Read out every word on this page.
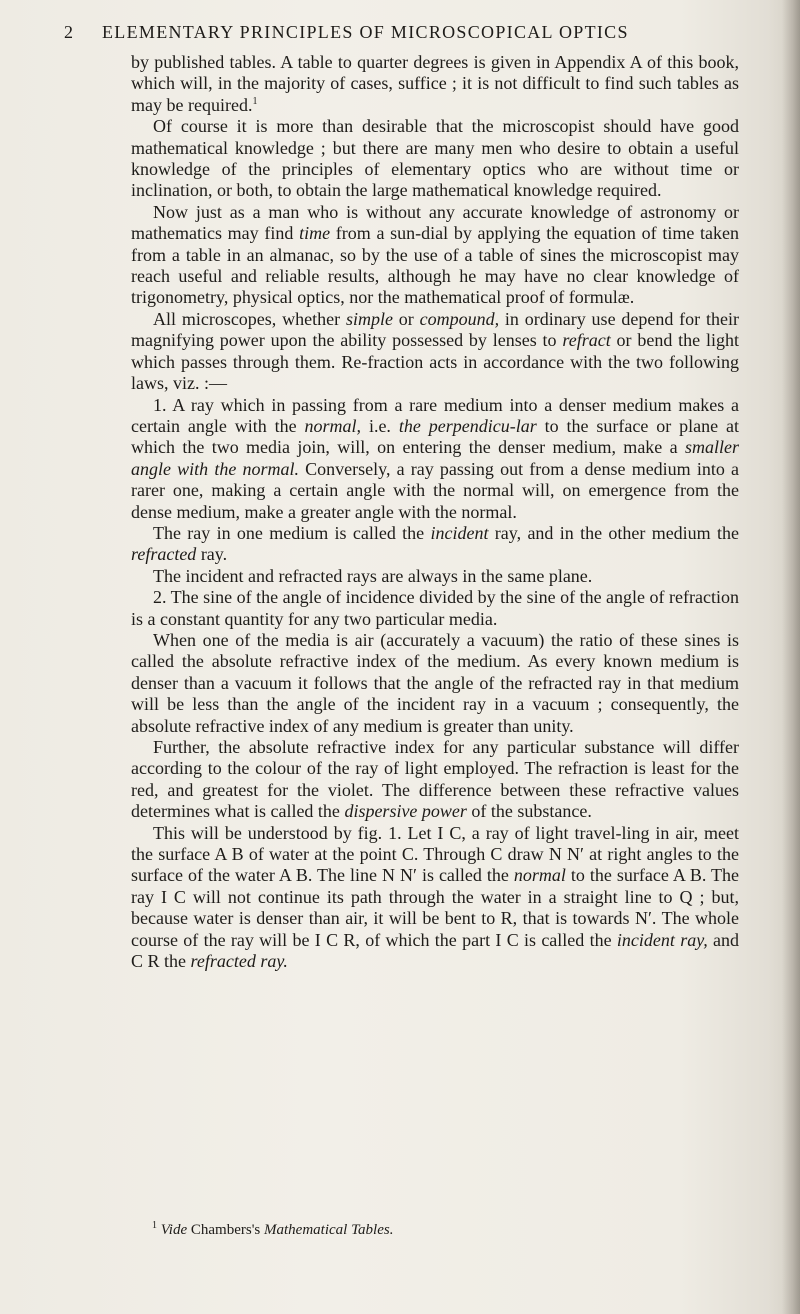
2 ELEMENTARY PRINCIPLES OF MICROSCOPICAL OPTICS

by published tables. A table to quarter degrees is given in Appendix A of this book, which will, in the majority of cases, suffice ; it is not difficult to find such tables as may be required.$^1$

Of course it is more than desirable that the microscopist should have good mathematical knowledge ; but there are many men who desire to obtain a useful knowledge of the principles of elementary optics who are without time or inclination, or both, to obtain the large mathematical knowledge required.

Now just as a man who is without any accurate knowledge of astronomy or mathematics may find time from a sun-dial by applying the equation of time taken from a table in an almanac, so by the use of a table of sines the microscopist may reach useful and reliable results, although he may have no clear knowledge of trigonometry, physical optics, nor the mathematical proof of formulæ.

All microscopes, whether simple or compound, in ordinary use depend for their magnifying power upon the ability possessed by lenses to refract or bend the light which passes through them. Re-fraction acts in accordance with the two following laws, viz. :—

1. A ray which in passing from a rare medium into a denser medium makes a certain angle with the normal, i.e. the perpendicu-lar to the surface or plane at which the two media join, will, on entering the denser medium, make a smaller angle with the normal. Conversely, a ray passing out from a dense medium into a rarer one, making a certain angle with the normal will, on emergence from the dense medium, make a greater angle with the normal.

The ray in one medium is called the incident ray, and in the other medium the refracted ray.

The incident and refracted rays are always in the same plane.

2. The sine of the angle of incidence divided by the sine of the angle of refraction is a constant quantity for any two particular media.

When one of the media is air (accurately a vacuum) the ratio of these sines is called the absolute refractive index of the medium. As every known medium is denser than a vacuum it follows that the angle of the refracted ray in that medium will be less than the angle of the incident ray in a vacuum ; consequently, the absolute refractive index of any medium is greater than unity.

Further, the absolute refractive index for any particular substance will differ according to the colour of the ray of light employed. The refraction is least for the red, and greatest for the violet. The difference between these refractive values determines what is called the dispersive power of the substance.

This will be understood by fig. 1. Let I C, a ray of light travel-ling in air, meet the surface A B of water at the point C. Through C draw N N′ at right angles to the surface of the water A B. The line N N′ is called the normal to the surface A B. The ray I C will not continue its path through the water in a straight line to Q ; but, because water is denser than air, it will be bent to R, that is towards N′. The whole course of the ray will be I C R, of which the part I C is called the incident ray, and C R the refracted ray.

$^1$ Vide Chambers's Mathematical Tables.
